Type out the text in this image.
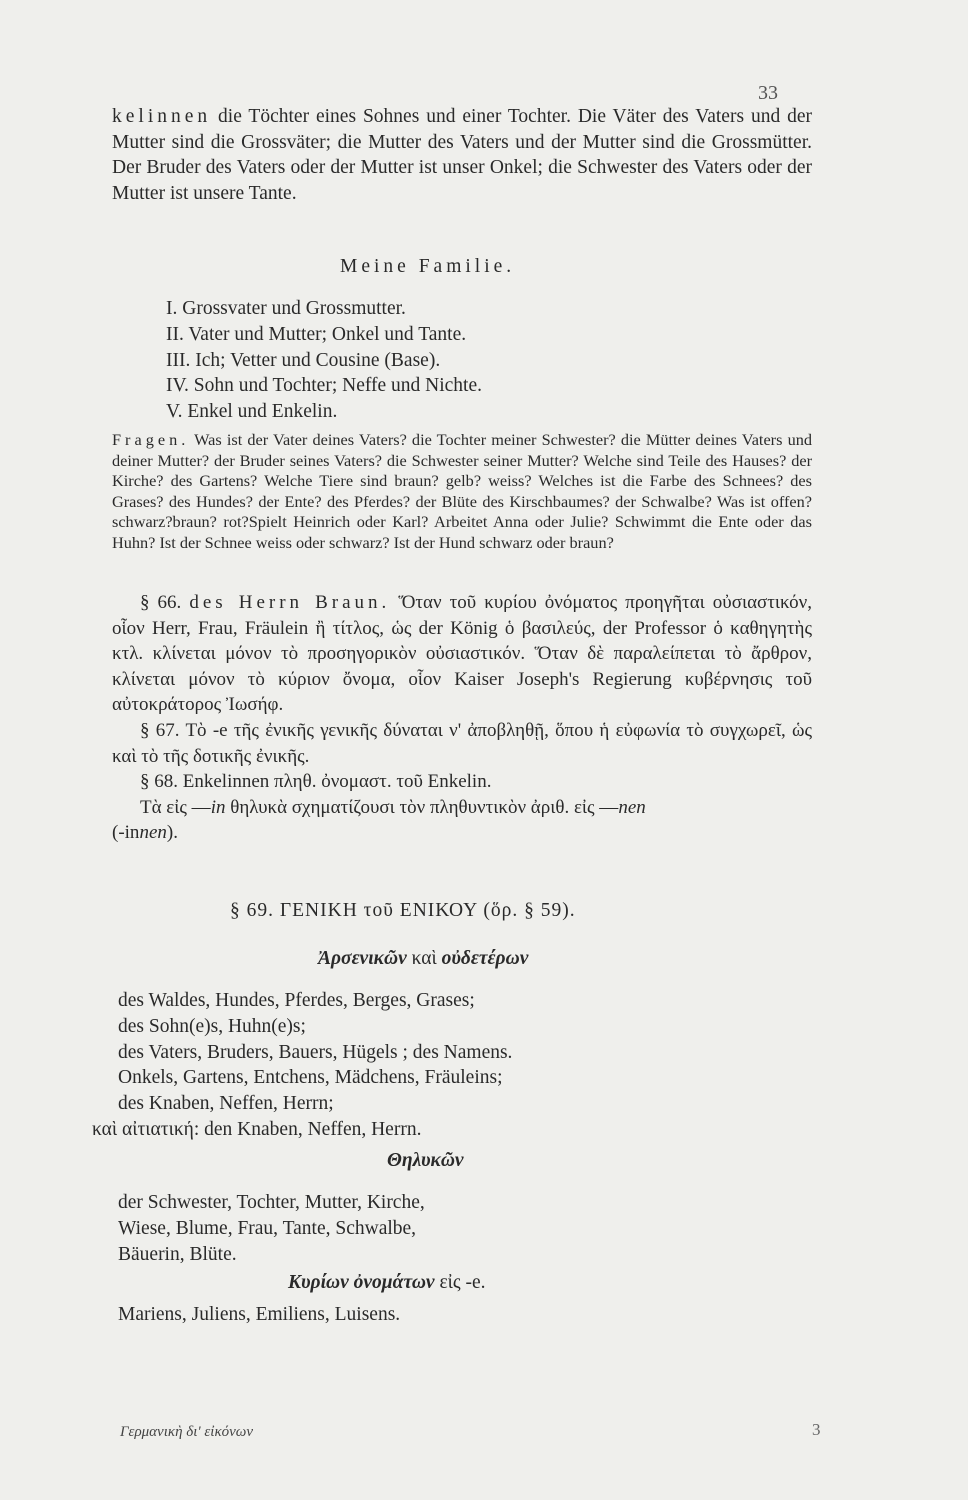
33

kelinnen die Töchter eines Sohnes und einer Tochter. Die Väter des Vaters und der Mutter sind die Grossväter; die Mutter des Vaters und der Mutter sind die Grossmütter. Der Bruder des Vaters oder der Mutter ist unser Onkel; die Schwester des Vaters oder der Mutter ist unsere Tante.

Meine Familie.
I. Grossvater und Grossmutter.
II. Vater und Mutter; Onkel und Tante.
III. Ich; Vetter und Cousine (Base).
IV. Sohn und Tochter; Neffe und Nichte.
V. Enkel und Enkelin.

Fragen. Was ist der Vater deines Vaters? die Tochter meiner Schwester? die Mütter deines Vaters und deiner Mutter? der Bruder seines Vaters? die Schwester seiner Mutter? Welche sind Teile des Hauses? der Kirche? des Gartens? Welche Tiere sind braun? gelb? weiss? Welches ist die Farbe des Schnees? des Grases? des Hundes? der Ente? des Pferdes? der Blüte des Kirschbaumes? der Schwalbe? Was ist offen?schwarz?braun? rot?Spielt Heinrich oder Karl? Arbeitet Anna oder Julie? Schwimmt die Ente oder das Huhn? Ist der Schnee weiss oder schwarz? Ist der Hund schwarz oder braun?

§ 66. des Herrn Braun. Ὅταν τοῦ κυρίου ὀνόματος προηγῆται οὐσιαστικόν, οἷον Herr, Frau, Fräulein ἢ τίτλος, ὡς der König ὁ βασιλεύς, der Professor ὁ καθηγητὴς κτλ. κλίνεται μόνον τὸ προσηγορικὸν οὐσιαστικόν. Ὅταν δὲ παραλείπεται τὸ ἄρθρον, κλίνεται μόνον τὸ κύριον ὄνομα, οἷον Kaiser Joseph's Regierung κυβέρνησις τοῦ αὐτοκράτορος Ἰωσήφ.

§ 67. Τὸ -e τῆς ἐνικῆς γενικῆς δύναται ν' ἀποβληθῇ, ὅπου ἡ εὐφωνία τὸ συγχωρεῖ, ὡς καὶ τὸ τῆς δοτικῆς ἐνικῆς.

§ 68. Enkelinnen πληθ. ὀνομαστ. τοῦ Enkelin.

Τὰ εἰς —in θηλυκὰ σχηματίζουσι τὸν πληθυντικὸν ἀριθ. εἰς —nen

(-innen).

§ 69. ΓΕΝΙΚΗ τοῦ ΕΝΙΚΟΥ (ὅρ. § 59).
Ἀρσενικῶν καὶ οὐδετέρων
des Waldes, Hundes, Pferdes, Berges, Grases;
des Sohn(e)s, Huhn(e)s;
des Vaters, Bruders, Bauers, Hügels ; des Namens.
Onkels, Gartens, Entchens, Mädchens, Fräuleins;
des Knaben, Neffen, Herrn;
καὶ αἰτιατική: den Knaben, Neffen, Herrn.
Θηλυκῶν
der Schwester, Tochter, Mutter, Kirche,
Wiese, Blume, Frau, Tante, Schwalbe,
Bäuerin, Blüte.
Κυρίων ὀνομάτων εἰς -e.
Mariens, Juliens, Emiliens, Luisens.
Γερμανικὴ δι' εἰκόνων	3
